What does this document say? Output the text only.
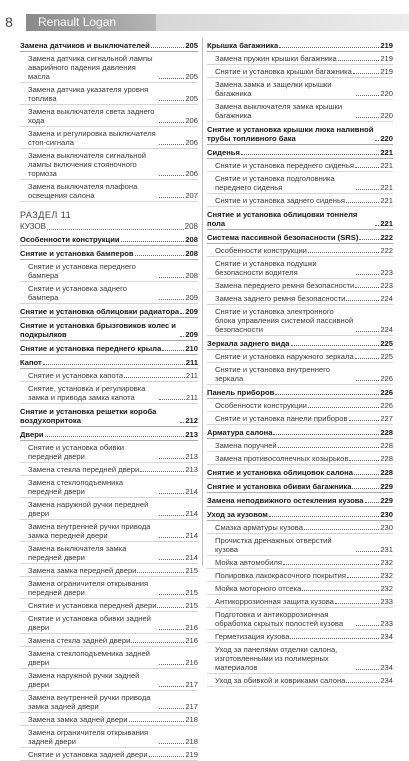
8 Renault Logan
Замена датчиков и выключателей	205
Замена датчика сигнальной лампы аварийного падения давления масла	205
Замена датчика указателя уровня топлива	205
Замена выключателя света заднего хода	206
Замена и регулировка выключателя стоп-сигнала	206
Замена выключателя сигнальной лампы включения стояночного тормоза	206
Замена выключателя плафона освещения салона	207
РАЗДЕЛ 11
КУЗОВ	208
Особенности конструкции	208
Снятие и установка бамперов	208
Снятие и установка переднего бампера	208
Снятие и установка заднего бампера	209
Снятие и установка облицовки радиатора 209
Снятие и установка брызговиков колес и подкрылков	209
Снятие и установка переднего крыла	210
Капот	211
Снятие и установка капота	211
Снятие, установка и регулировка замка и привода замка капота	211
Снятие и установка решетки короба воздухопритока	212
Двери	213
Снятие и установка обивки передней двери	213
Замена стекла передней двери	213
Замена стеклоподъемника передней двери	214
Замена наружной ручки передней двери	214
Замена внутренней ручки привода замка передней двери	214
Замена выключателя замка передней двери	214
Замена замка передней двери	215
Замена ограничителя открывания передней двери	215
Снятие и установка передней двери	215
Снятие и установка обивки задней двери	216
Замена стекла задней двери	216
Замена стеклоподъемника задней двери	216
Замена наружной ручки задней двери	217
Замена внутренней ручки привода замка задней двери	217
Замена замка задней двери	218
Замена ограничителя открывания задней двери	218
Снятие и установка задней двери	219
Крышка багажника	219
Замена пружин крышки багажника	219
Снятие и установка крышки багажника	219
Замена замка и защелки крышки багажника	220
Замена выключателя замка крышки багажника	220
Снятие и установка крышки люка наливной трубы топливного бака	220
Сиденья	221
Снятие и установка переднего сиденья	221
Снятие и установка подголовника переднего сиденья	221
Снятие и установка заднего сиденья	221
Снятие и установка облицовки тоннеля пола	221
Система пассивной безопасности (SRS)	222
Особенности конструкции	222
Снятие и установка подушки безопасности водителя	223
Замена переднего ремня безопасности	223
Замена заднего ремня безопасности	224
Снятие и установка электронного блока управления системой пассивной безопасности	224
Зеркала заднего вида	225
Снятие и установка наружного зеркала	225
Снятие и установка внутреннего зеркала	226
Панель приборов	226
Особенности конструкции	226
Снятие и установка панели приборов	227
Арматура салона	228
Замена поручней	228
Замена противосолнечных козырьков	228
Снятие и установка облицовок салона	228
Снятие и установка обивки багажника	229
Замена неподвижного остекления кузова 229
Уход за кузовом	230
Смазка арматуры кузова	230
Прочистка дренажных отверстий кузова	231
Мойка автомобиля	232
Полировка лакокрасочного покрытия	232
Мойка моторного отсека	232
Антикоррозионная защита кузова	233
Подготовка и антикоррозионная обработка скрытых полостей кузова	233
Герметизация кузова	234
Уход за панелями отделки салона, изготовленными из полимерных материалов	234
Уход за обивкой и ковриками салона	234
